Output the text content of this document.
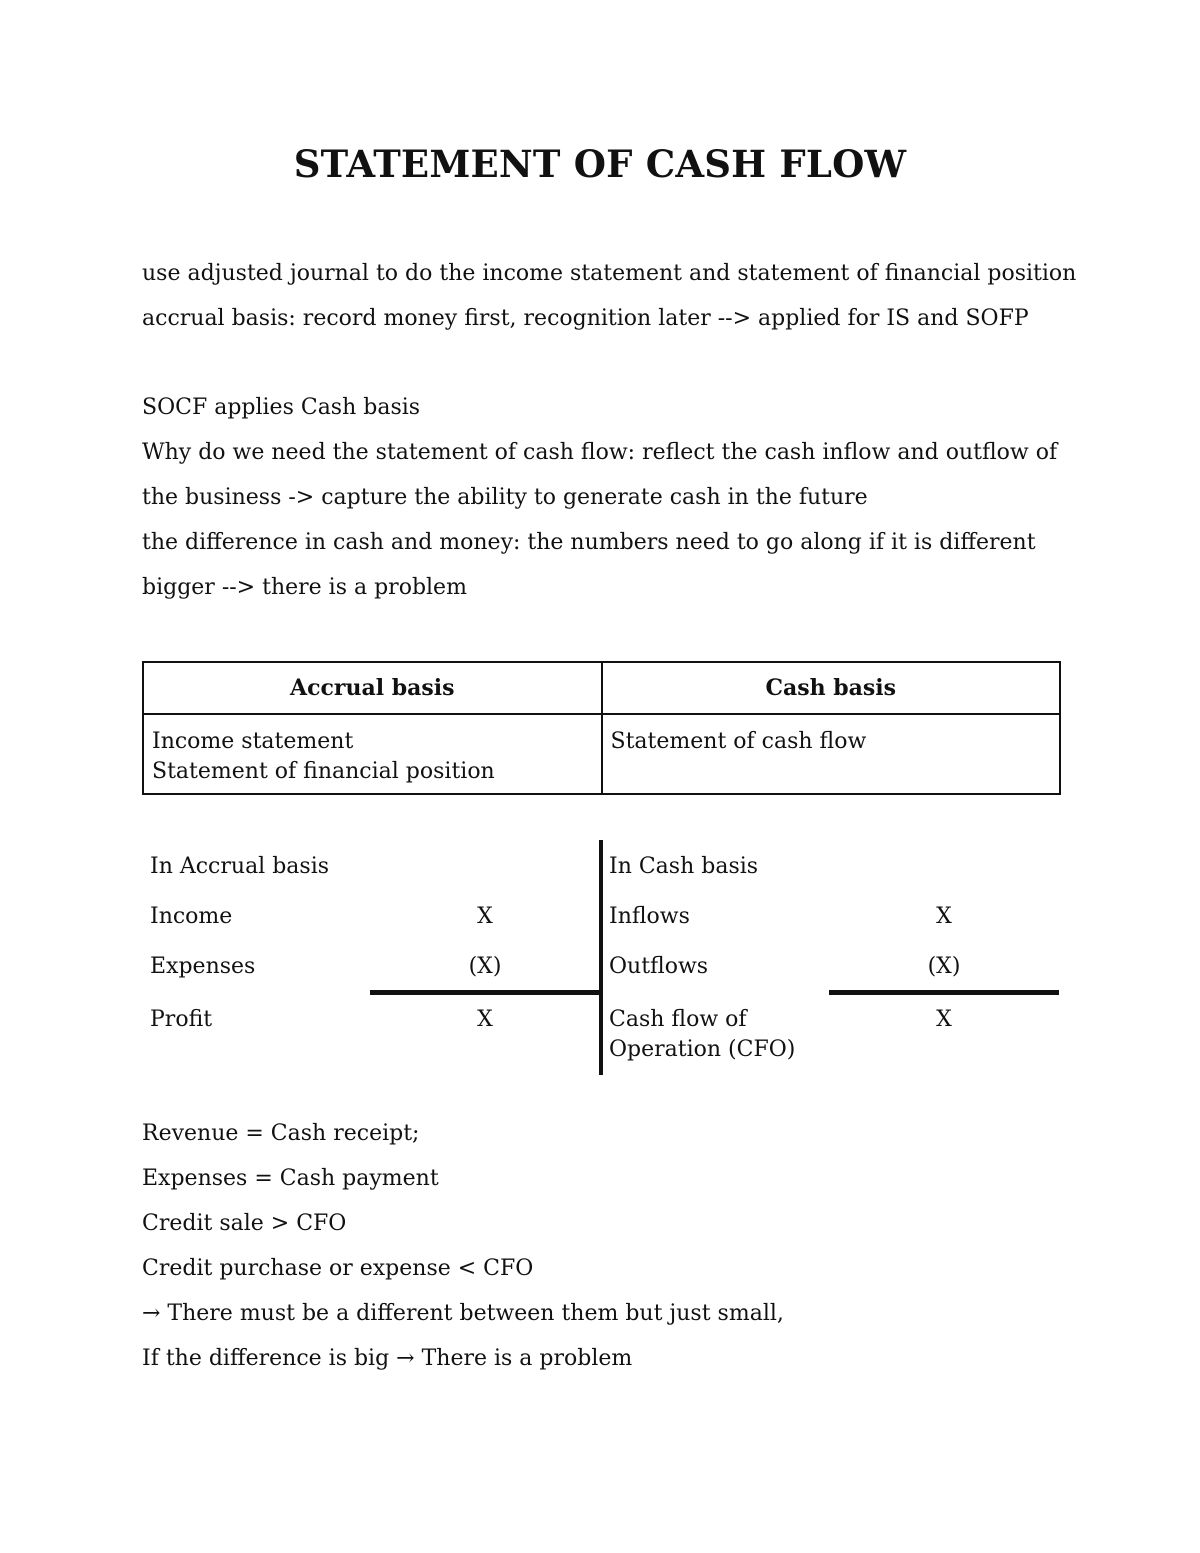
STATEMENT OF CASH FLOW
use adjusted journal to do the income statement and statement of financial position
accrual basis: record money first, recognition later --> applied for IS and SOFP
SOCF applies Cash basis
Why do we need the statement of cash flow: reflect the cash inflow and outflow of
the business -> capture the ability to generate cash in the future
the difference in cash and money: the numbers need to go along if it is different
bigger --> there is a problem
Accrual basis	Cash basis

Income statement
Statement of financial position	Statement of cash flow
In Accrual basis
Income	X
Expenses	(X)
Profit	X
In Cash basis
Inflows	X
Outflows	(X)
Cash flow of
Operation (CFO)
X
Revenue = Cash receipt;
Expenses = Cash payment
Credit sale > CFO
Credit purchase or expense < CFO
→ There must be a different between them but just small,
If the difference is big → There is a problem
